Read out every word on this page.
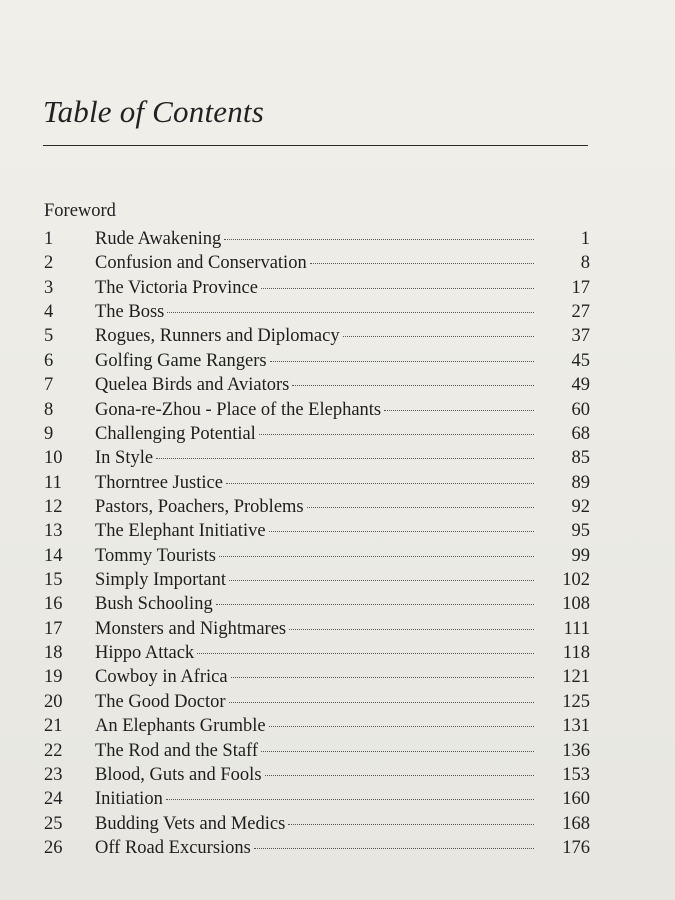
Table of Contents
Foreword
1	Rude Awakening	1
2	Confusion and Conservation	8
3	The Victoria Province	17
4	The Boss	27
5	Rogues, Runners and Diplomacy	37
6	Golfing Game Rangers	45
7	Quelea Birds and Aviators	49
8	Gona-re-Zhou - Place of the Elephants	60
9	Challenging Potential	68
10	In Style	85
11	Thorntree Justice	89
12	Pastors, Poachers, Problems	92
13	The Elephant Initiative	95
14	Tommy Tourists	99
15	Simply Important	102
16	Bush Schooling	108
17	Monsters and Nightmares	111
18	Hippo Attack	118
19	Cowboy in Africa	121
20	The Good Doctor	125
21	An Elephants Grumble	131
22	The Rod and the Staff	136
23	Blood, Guts and Fools	153
24	Initiation	160
25	Budding Vets and Medics	168
26	Off Road Excursions	176
